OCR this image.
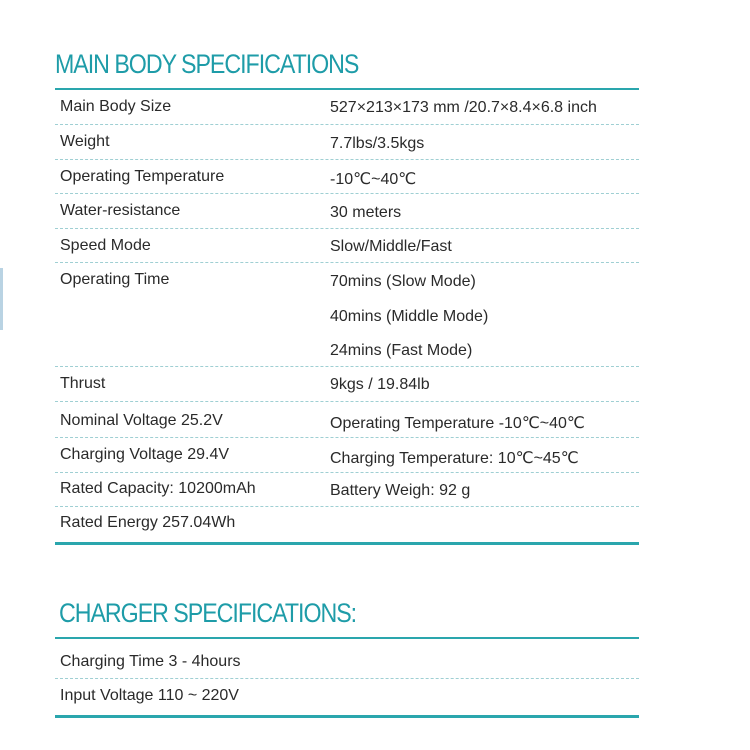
MAIN BODY SPECIFICATIONS
Main Body Size	527×213×173 mm /20.7×8.4×6.8 inch
Weight	7.7lbs/3.5kgs
Operating Temperature	-10℃~40℃
Water-resistance	30 meters
Speed Mode	Slow/Middle/Fast
Operating Time	70mins (Slow Mode)
40mins (Middle Mode)
24mins (Fast Mode)
Thrust	9kgs / 19.84lb
Nominal Voltage 25.2V	Operating Temperature -10℃~40℃
Charging Voltage 29.4V	Charging Temperature: 10℃~45℃
Rated Capacity: 10200mAh	Battery Weigh: 92 g
Rated Energy 257.04Wh
CHARGER SPECIFICATIONS:
Charging Time 3 - 4hours
Input Voltage 110 ~ 220V
